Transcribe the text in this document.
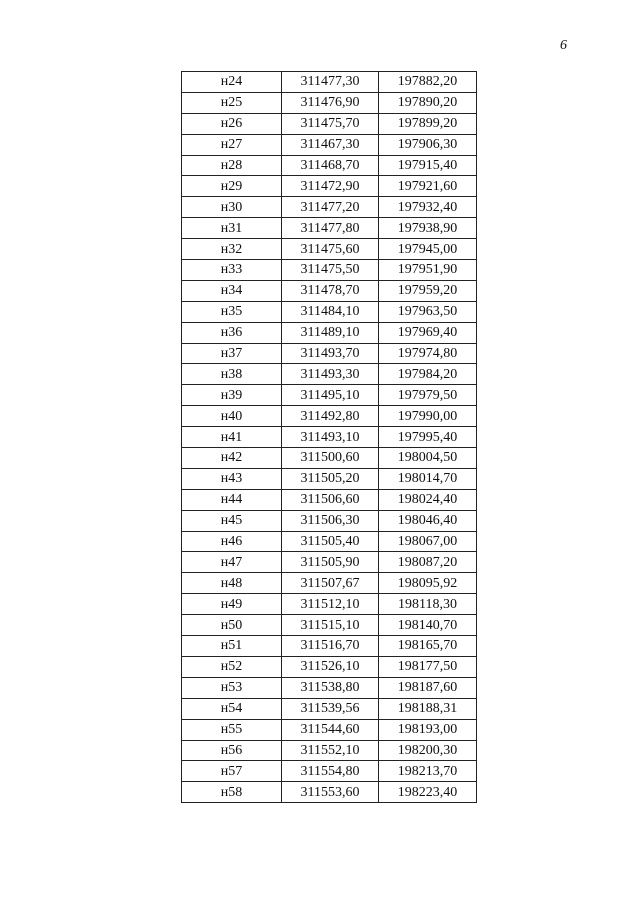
6
н24	311477,30	197882,20
н25	311476,90	197890,20
н26	311475,70	197899,20
н27	311467,30	197906,30
н28	311468,70	197915,40
н29	311472,90	197921,60
н30	311477,20	197932,40
н31	311477,80	197938,90
н32	311475,60	197945,00
н33	311475,50	197951,90
н34	311478,70	197959,20
н35	311484,10	197963,50
н36	311489,10	197969,40
н37	311493,70	197974,80
н38	311493,30	197984,20
н39	311495,10	197979,50
н40	311492,80	197990,00
н41	311493,10	197995,40
н42	311500,60	198004,50
н43	311505,20	198014,70
н44	311506,60	198024,40
н45	311506,30	198046,40
н46	311505,40	198067,00
н47	311505,90	198087,20
н48	311507,67	198095,92
н49	311512,10	198118,30
н50	311515,10	198140,70
н51	311516,70	198165,70
н52	311526,10	198177,50
н53	311538,80	198187,60
н54	311539,56	198188,31
н55	311544,60	198193,00
н56	311552,10	198200,30
н57	311554,80	198213,70
н58	311553,60	198223,40
